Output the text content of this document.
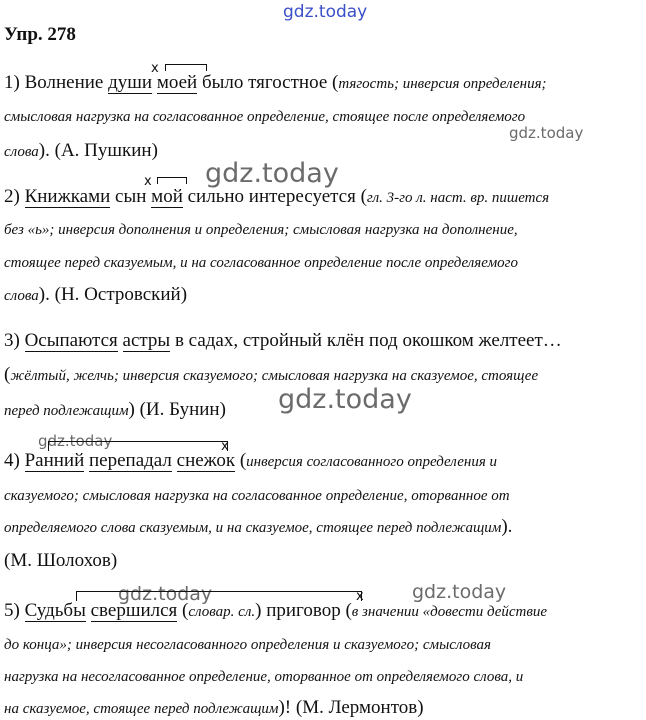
gdz.today
Упр. 278
x
1) Волнение души моей было тягостное (тягость; инверсия определения;
смысловая нагрузка на согласованное определение, стоящее после определяемого
gdz.today
слова). (А. Пушкин)
gdz.today
x
2) Книжками сын мой сильно интересуется (гл. 3-го л. наст. вр. пишется
без «ь»; инверсия дополнения и определения; смысловая нагрузка на дополнение,
стоящее перед сказуемым, и на согласованное определение после определяемого
слова). (Н. Островский)
3) Осыпаются астры в садах, стройный клён под окошком желтеет…
(жёлтый, желчь; инверсия сказуемого; смысловая нагрузка на сказуемое, стоящее
gdz.today
перед подлежащим) (И. Бунин)
gdz.today	x
4) Ранний перепадал снежок (инверсия согласованного определения и
сказуемого; смысловая нагрузка на согласованное определение, оторванное от
определяемого слова сказуемым, и на сказуемое, стоящее перед подлежащим).
(М. Шолохов)
gdz.today	gdz.today
x
5) Судьбы свершился (словар. сл.) приговор (в значении «довести действие
до конца»; инверсия несогласованного определения и сказуемого; смысловая
нагрузка на несогласованное определение, оторванное от определяемого слова, и
на сказуемое, стоящее перед подлежащим)! (М. Лермонтов)
